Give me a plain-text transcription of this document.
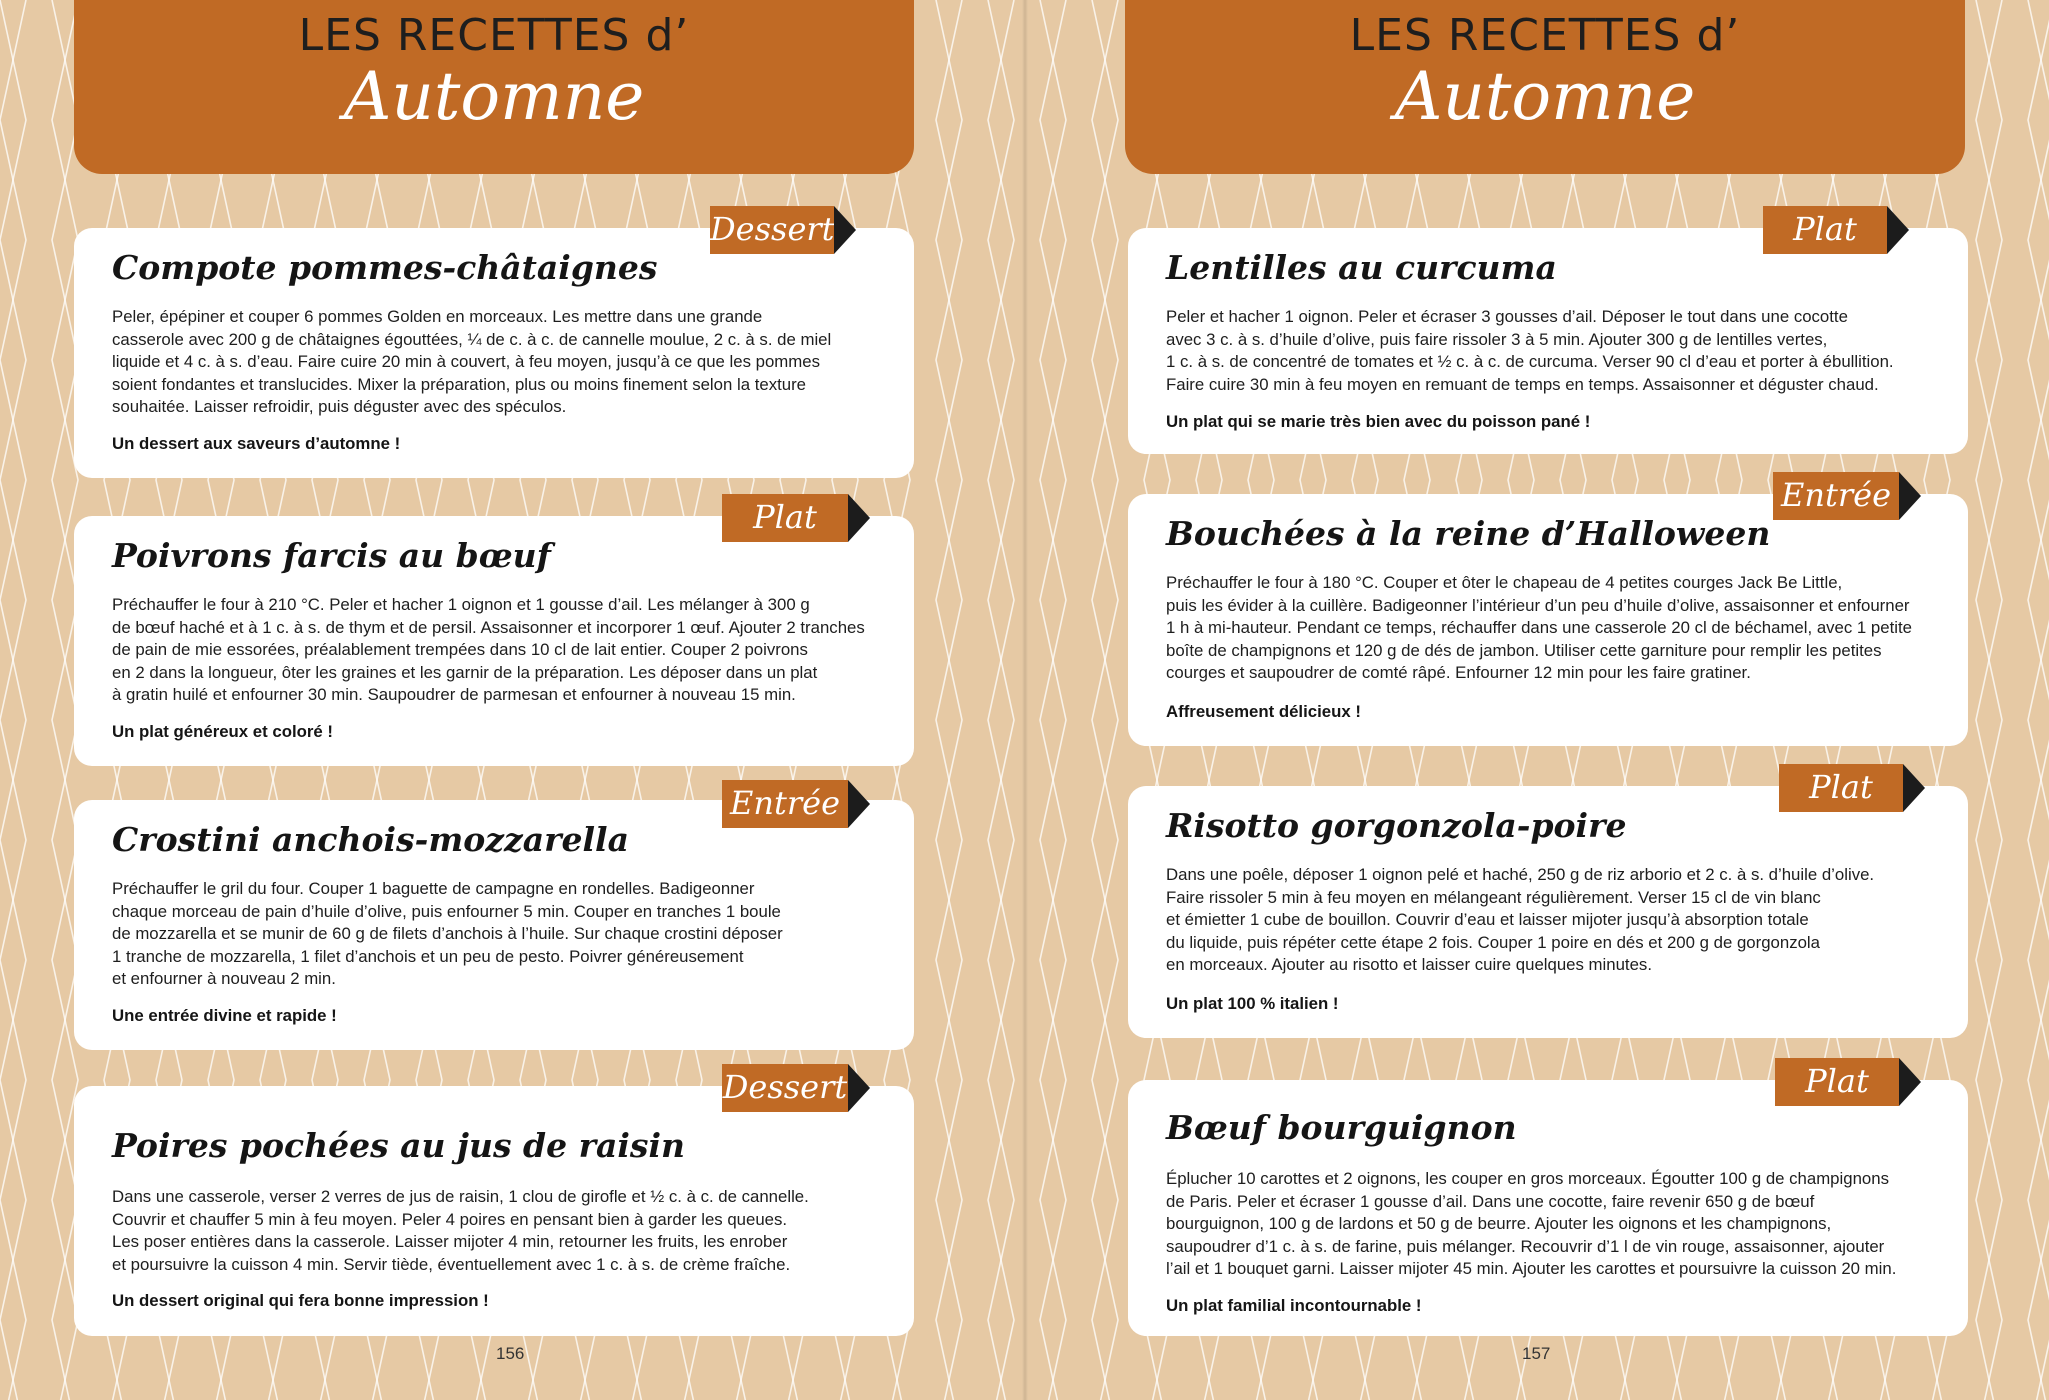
LES RECETTES d’
Automne
Compote pommes-châtaignes
Peler, épépiner et couper 6 pommes Golden en morceaux. Les mettre dans une grande
casserole avec 200 g de châtaignes égouttées, ¼ de c. à c. de cannelle moulue, 2 c. à s. de miel
liquide et 4 c. à s. d’eau. Faire cuire 20 min à couvert, à feu moyen, jusqu’à ce que les pommes
soient fondantes et translucides. Mixer la préparation, plus ou moins finement selon la texture
souhaitée. Laisser refroidir, puis déguster avec des spéculos.
Un dessert aux saveurs d’automne !
Dessert
Poivrons farcis au bœuf
Préchauffer le four à 210 °C. Peler et hacher 1 oignon et 1 gousse d’ail. Les mélanger à 300 g
de bœuf haché et à 1 c. à s. de thym et de persil. Assaisonner et incorporer 1 œuf. Ajouter 2 tranches
de pain de mie essorées, préalablement trempées dans 10 cl de lait entier. Couper 2 poivrons
en 2 dans la longueur, ôter les graines et les garnir de la préparation. Les déposer dans un plat
à gratin huilé et enfourner 30 min. Saupoudrer de parmesan et enfourner à nouveau 15 min.
Un plat généreux et coloré !
Plat
Crostini anchois-mozzarella
Préchauffer le gril du four. Couper 1 baguette de campagne en rondelles. Badigeonner
chaque morceau de pain d’huile d’olive, puis enfourner 5 min. Couper en tranches 1 boule
de mozzarella et se munir de 60 g de filets d’anchois à l’huile. Sur chaque crostini déposer
1 tranche de mozzarella, 1 filet d’anchois et un peu de pesto. Poivrer généreusement
et enfourner à nouveau 2 min.
Une entrée divine et rapide !
Entrée
Poires pochées au jus de raisin
Dans une casserole, verser 2 verres de jus de raisin, 1 clou de girofle et ½ c. à c. de cannelle.
Couvrir et chauffer 5 min à feu moyen. Peler 4 poires en pensant bien à garder les queues.
Les poser entières dans la casserole. Laisser mijoter 4 min, retourner les fruits, les enrober
et poursuivre la cuisson 4 min. Servir tiède, éventuellement avec 1 c. à s. de crème fraîche.
Un dessert original qui fera bonne impression !
Dessert
156
LES RECETTES d’
Automne
Lentilles au curcuma
Peler et hacher 1 oignon. Peler et écraser 3 gousses d’ail. Déposer le tout dans une cocotte
avec 3 c. à s. d’huile d’olive, puis faire rissoler 3 à 5 min. Ajouter 300 g de lentilles vertes,
1 c. à s. de concentré de tomates et ½ c. à c. de curcuma. Verser 90 cl d’eau et porter à ébullition.
Faire cuire 30 min à feu moyen en remuant de temps en temps. Assaisonner et déguster chaud.
Un plat qui se marie très bien avec du poisson pané !
Plat
Bouchées à la reine d’Halloween
Préchauffer le four à 180 °C. Couper et ôter le chapeau de 4 petites courges Jack Be Little,
puis les évider à la cuillère. Badigeonner l’intérieur d’un peu d’huile d’olive, assaisonner et enfourner
1 h à mi-hauteur. Pendant ce temps, réchauffer dans une casserole 20 cl de béchamel, avec 1 petite
boîte de champignons et 120 g de dés de jambon. Utiliser cette garniture pour remplir les petites
courges et saupoudrer de comté râpé. Enfourner 12 min pour les faire gratiner.
Affreusement délicieux !
Entrée
Risotto gorgonzola-poire
Dans une poêle, déposer 1 oignon pelé et haché, 250 g de riz arborio et 2 c. à s. d’huile d’olive.
Faire rissoler 5 min à feu moyen en mélangeant régulièrement. Verser 15 cl de vin blanc
et émietter 1 cube de bouillon. Couvrir d’eau et laisser mijoter jusqu’à absorption totale
du liquide, puis répéter cette étape 2 fois. Couper 1 poire en dés et 200 g de gorgonzola
en morceaux. Ajouter au risotto et laisser cuire quelques minutes.
Un plat 100 % italien !
Plat
Bœuf bourguignon
Éplucher 10 carottes et 2 oignons, les couper en gros morceaux. Égoutter 100 g de champignons
de Paris. Peler et écraser 1 gousse d’ail. Dans une cocotte, faire revenir 650 g de bœuf
bourguignon, 100 g de lardons et 50 g de beurre. Ajouter les oignons et les champignons,
saupoudrer d’1 c. à s. de farine, puis mélanger. Recouvrir d’1 l de vin rouge, assaisonner, ajouter
l’ail et 1 bouquet garni. Laisser mijoter 45 min. Ajouter les carottes et poursuivre la cuisson 20 min.
Un plat familial incontournable !
Plat
157
